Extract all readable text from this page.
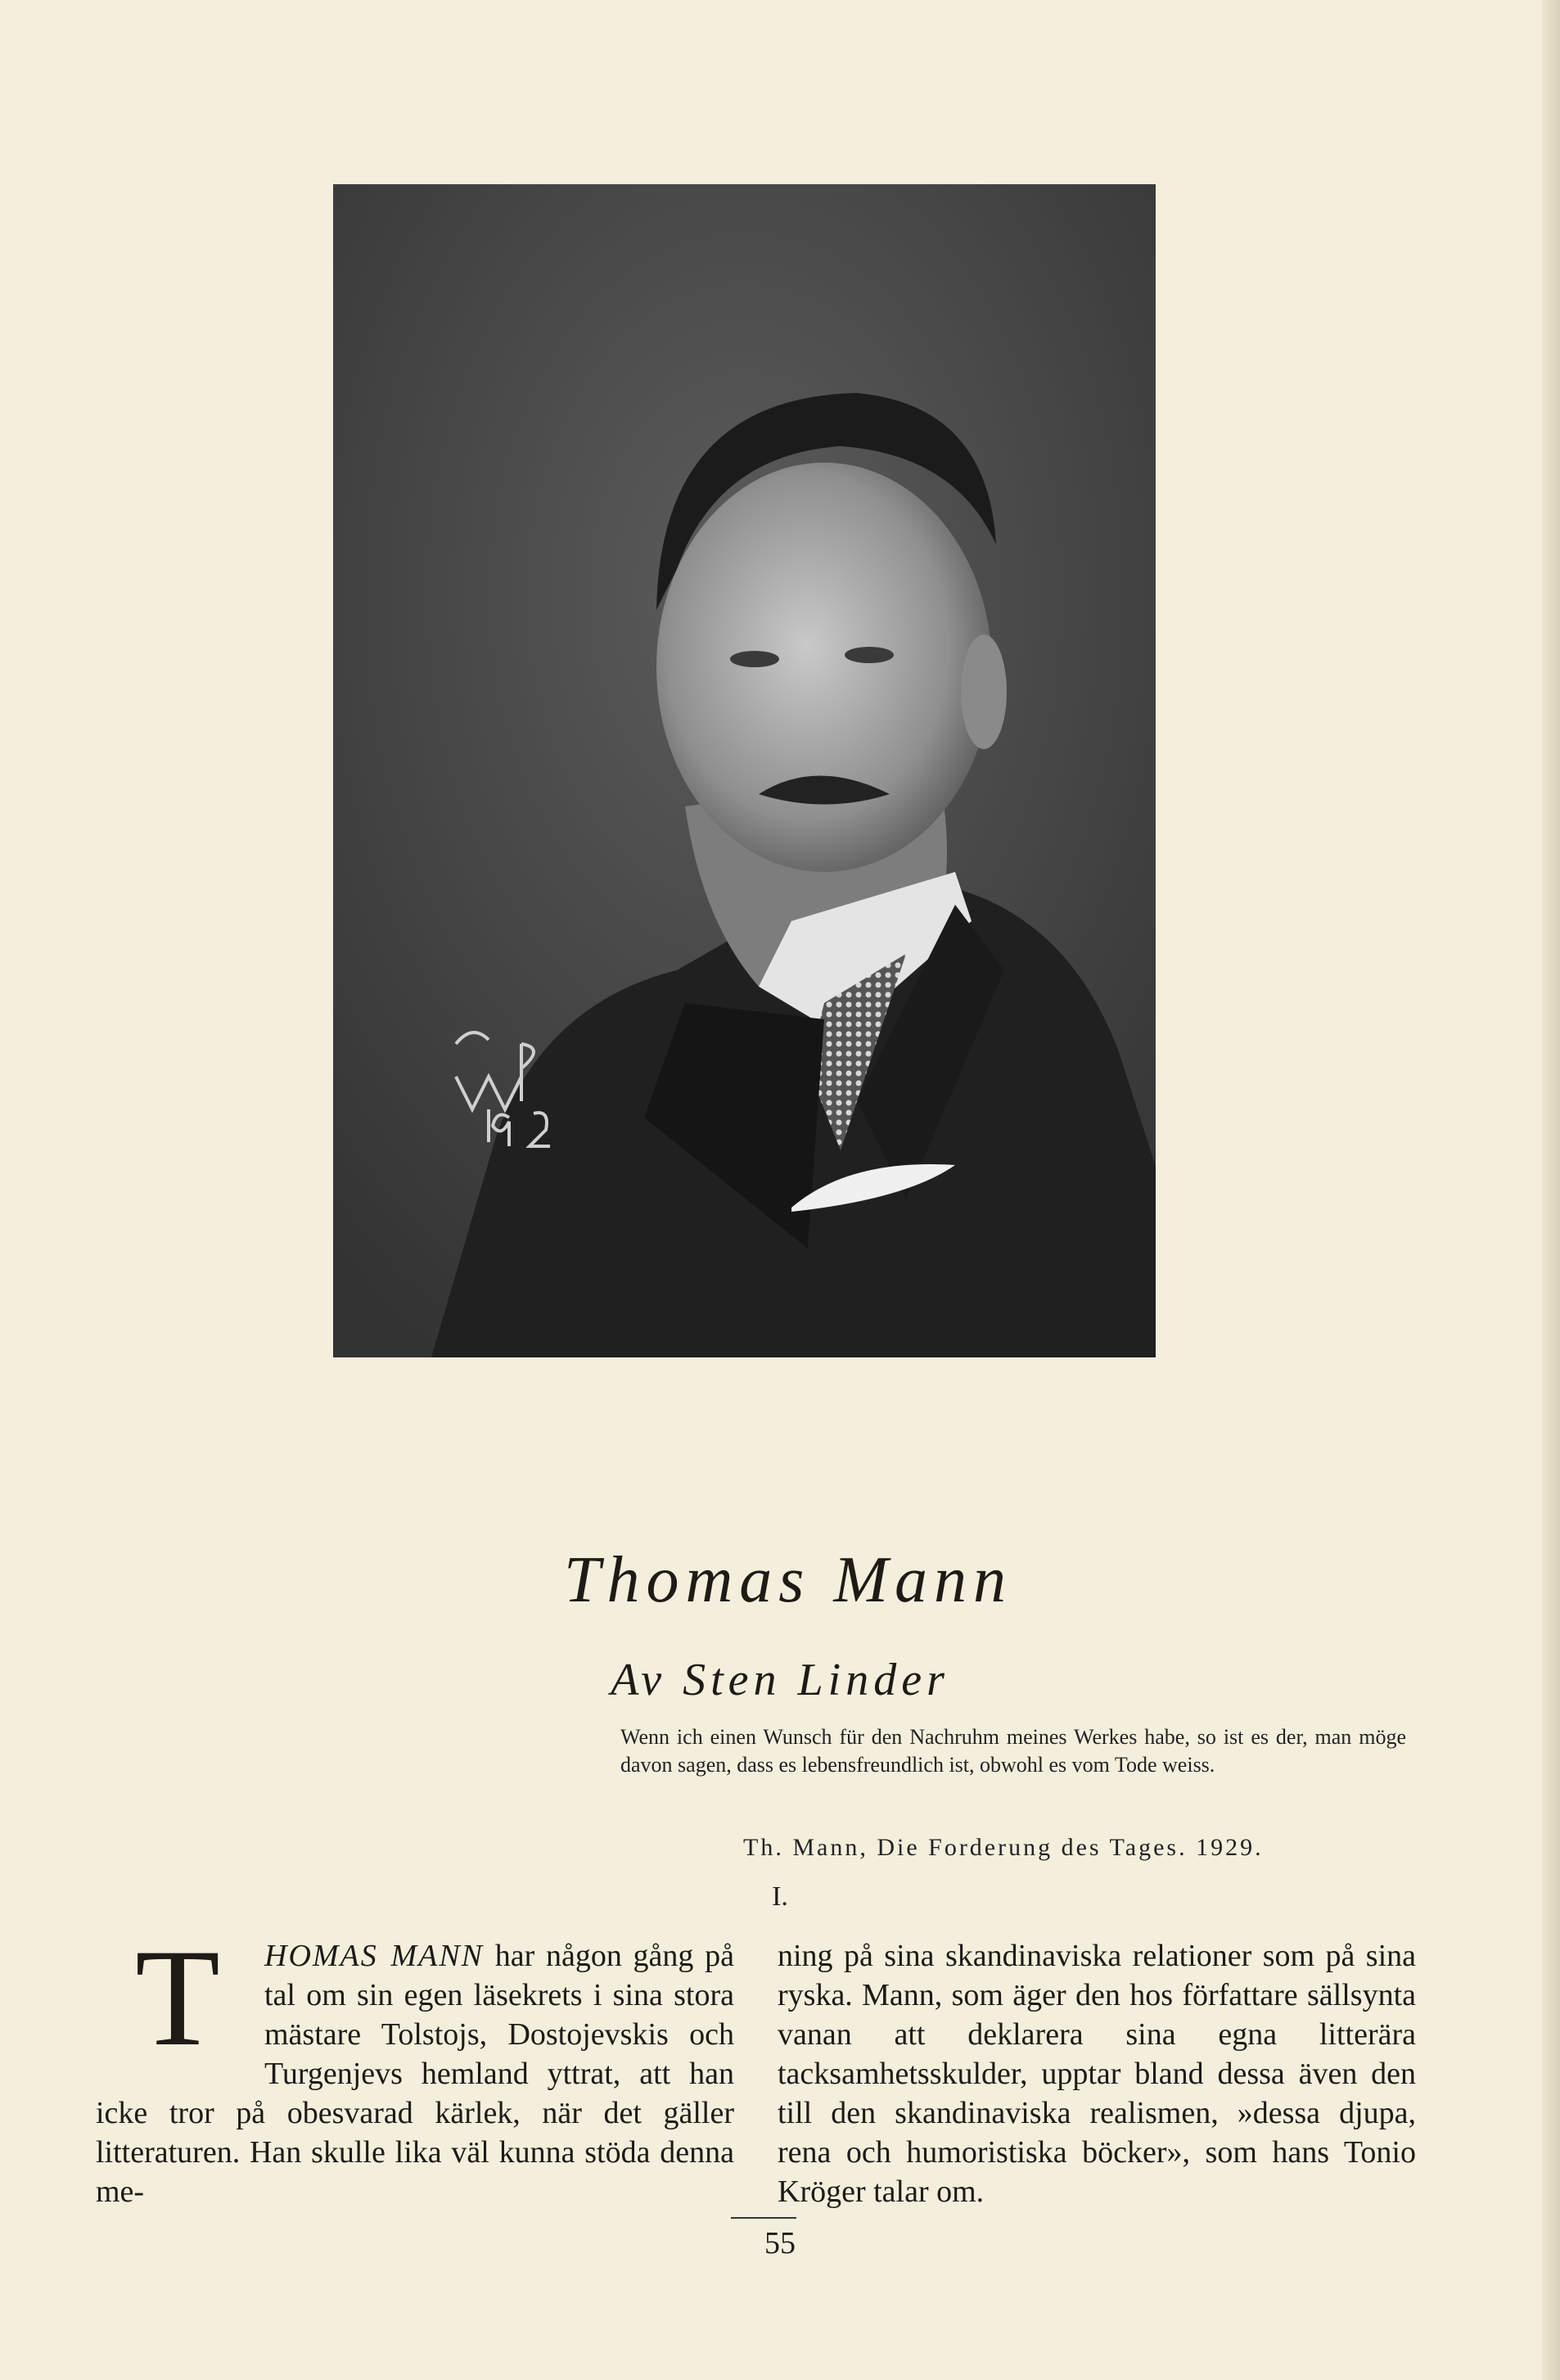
Thomas Mann
Av Sten Linder
Wenn ich einen Wunsch für den Nachruhm meines Werkes habe, so ist es der, man möge davon sagen, dass es lebensfreundlich ist, obwohl es vom Tode weiss.
Th. Mann, Die Forderung des Tages. 1929.
I.
T	HOMAS MANN har någon gång på tal om sin egen läsekrets i sina stora mästare Tolstojs, Dostojevskis och Turgenjevs hemland yttrat, att han icke tror på obesvarad kärlek, när det gäller litteraturen. Han skulle lika väl kunna stöda denna me-

ning på sina skandinaviska relationer som på sina ryska. Mann, som äger den hos författare sällsynta vanan att deklarera sina egna litterära tacksamhetsskulder, upptar bland dessa även den till den skandinaviska realismen, »dessa djupa, rena och humoristiska böcker», som hans Tonio Kröger talar om.

55
